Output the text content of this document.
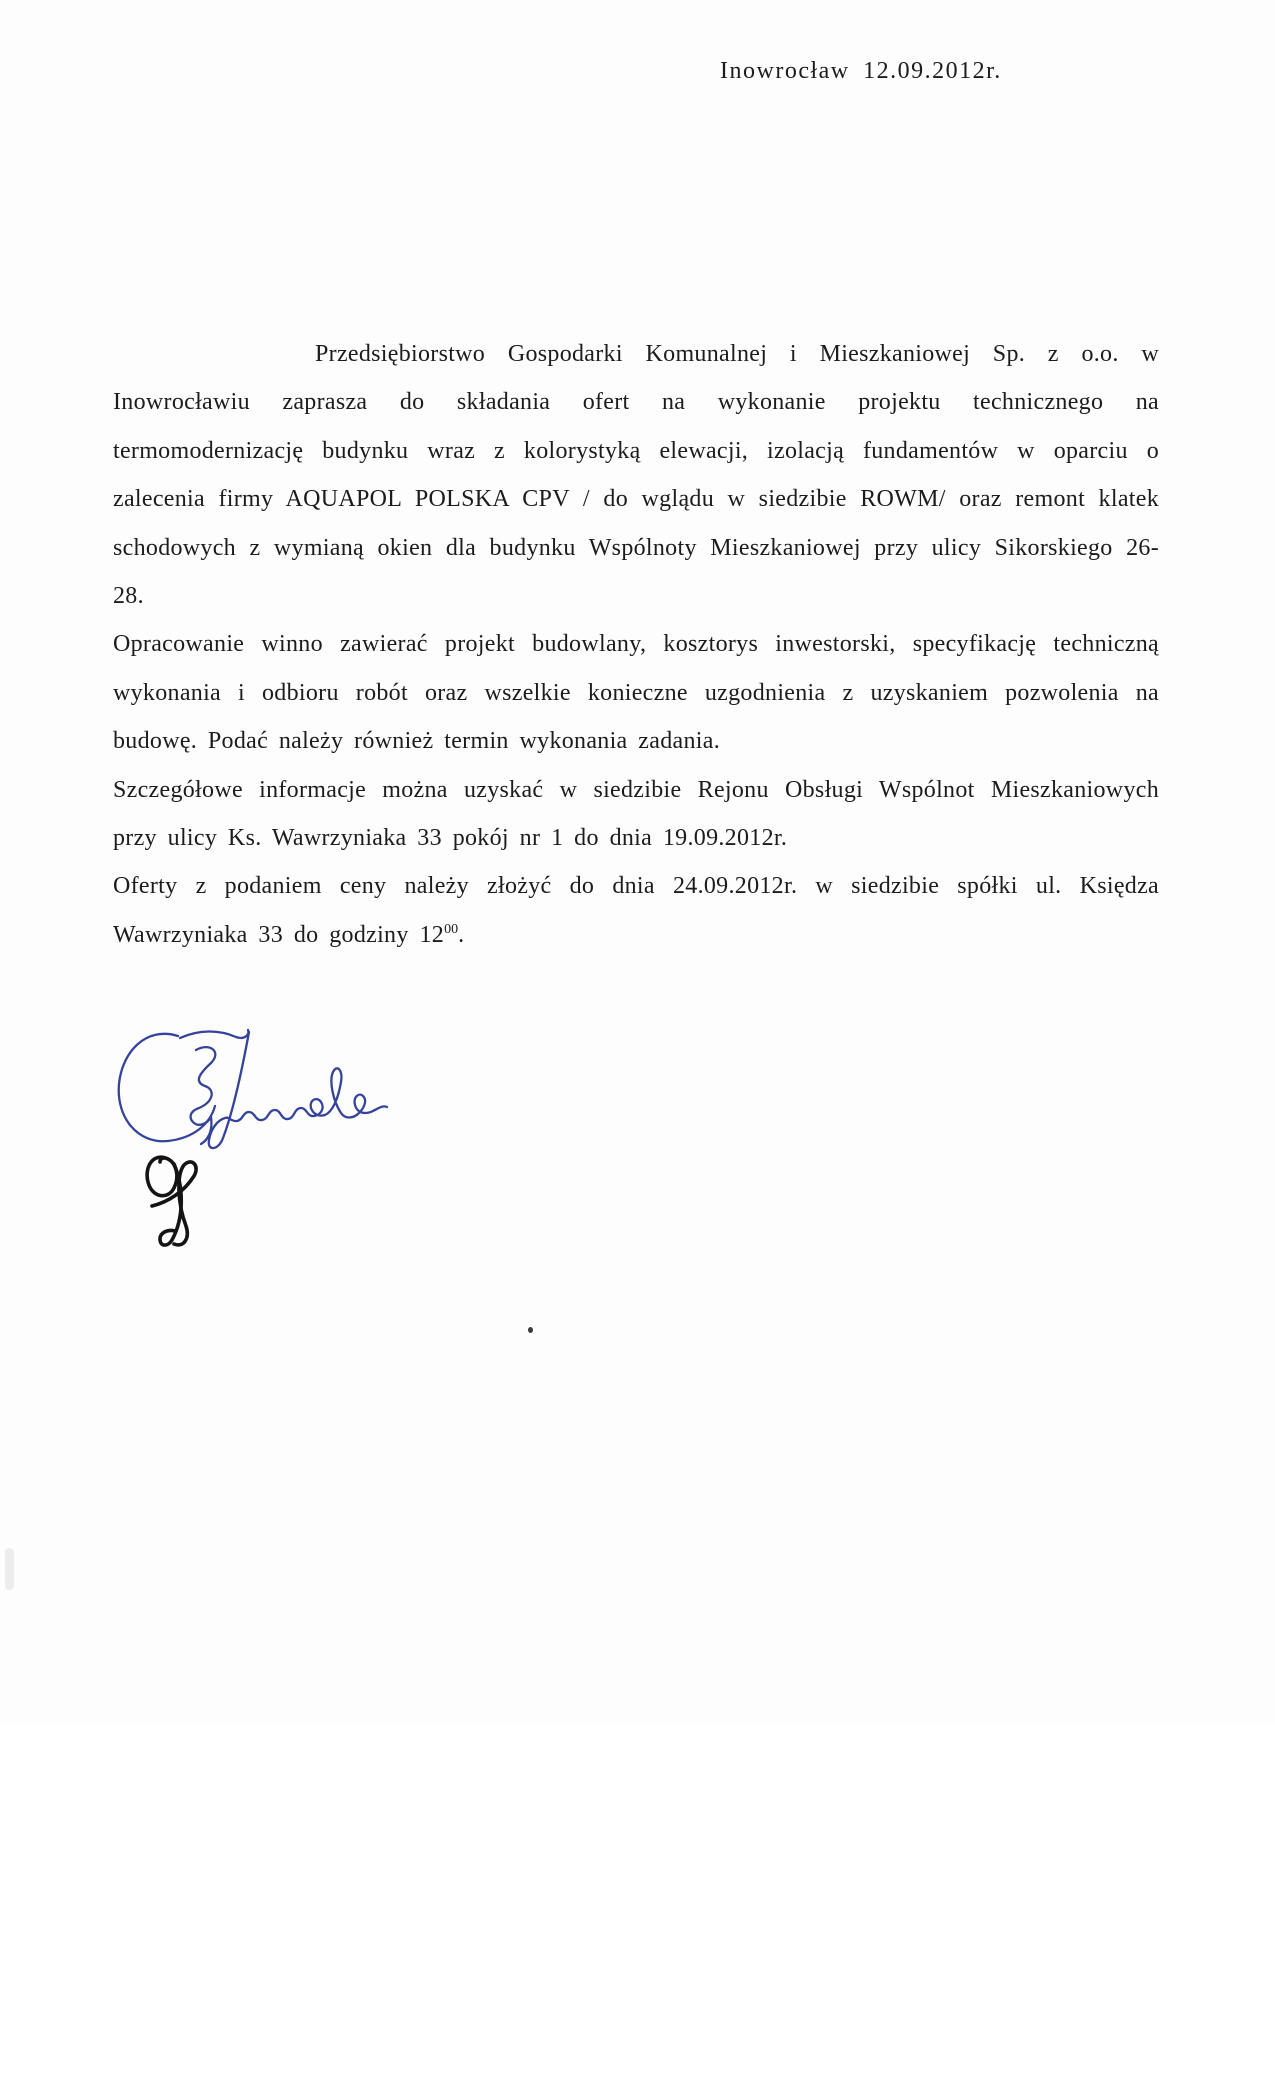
Inowrocław 12.09.2012r.

Przedsiębiorstwo Gospodarki Komunalnej i Mieszkaniowej Sp. z o.o. w Inowrocławiu zaprasza do składania ofert na wykonanie projektu technicznego na termomodernizację budynku wraz z kolorystyką elewacji, izolacją fundamentów w oparciu o zalecenia firmy AQUAPOL POLSKA CPV / do wglądu w siedzibie ROWM/ oraz remont klatek schodowych z wymianą okien dla budynku Wspólnoty Mieszkaniowej przy ulicy Sikorskiego 26-28.

Opracowanie winno zawierać projekt budowlany, kosztorys inwestorski, specyfikację techniczną wykonania i odbioru robót oraz wszelkie konieczne uzgodnienia z uzyskaniem pozwolenia na budowę. Podać należy również termin wykonania zadania.

Szczegółowe informacje można uzyskać w siedzibie Rejonu Obsługi Wspólnot Mieszkaniowych przy ulicy Ks. Wawrzyniaka 33 pokój nr 1 do dnia 19.09.2012r.

Oferty z podaniem ceny należy złożyć do dnia 24.09.2012r. w siedzibie spółki ul. Księdza Wawrzyniaka 33 do godziny $12^{00}$.
